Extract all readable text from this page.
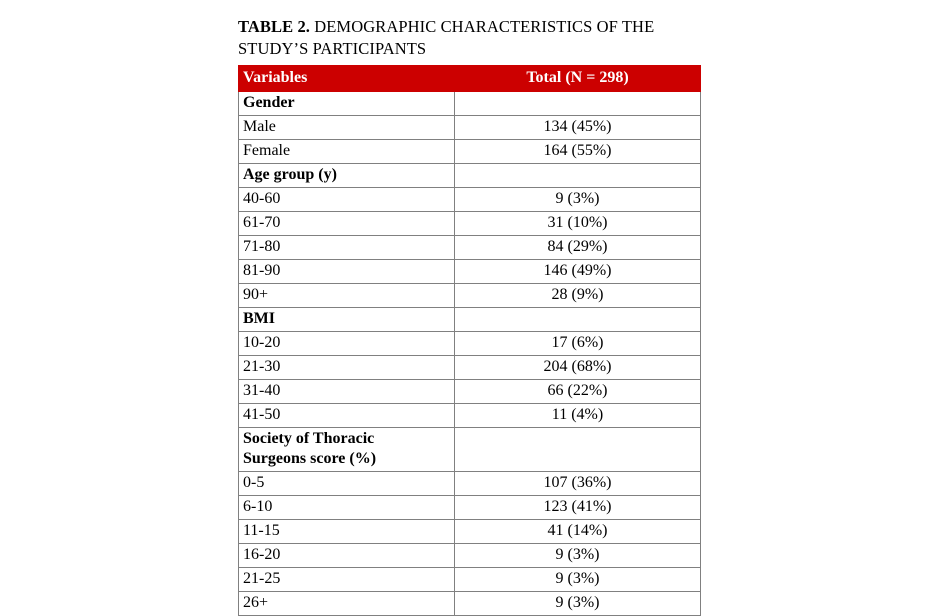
TABLE 2. DEMOGRAPHIC CHARACTERISTICS OF THE STUDY’S PARTICIPANTS
Variables	Total (N = 298)
Gender	
Male	134 (45%)
Female	164 (55%)
Age group (y)	
40-60	9 (3%)
61-70	31 (10%)
71-80	84 (29%)
81-90	146 (49%)
90+	28 (9%)
BMI	
10-20	17 (6%)
21-30	204 (68%)
31-40	66 (22%)
41-50	11 (4%)

Society of Thoracic
Surgeons score (%)	

0-5	107 (36%)
6-10	123 (41%)
11-15	41 (14%)
16-20	9 (3%)
21-25	9 (3%)
26+	9 (3%)
